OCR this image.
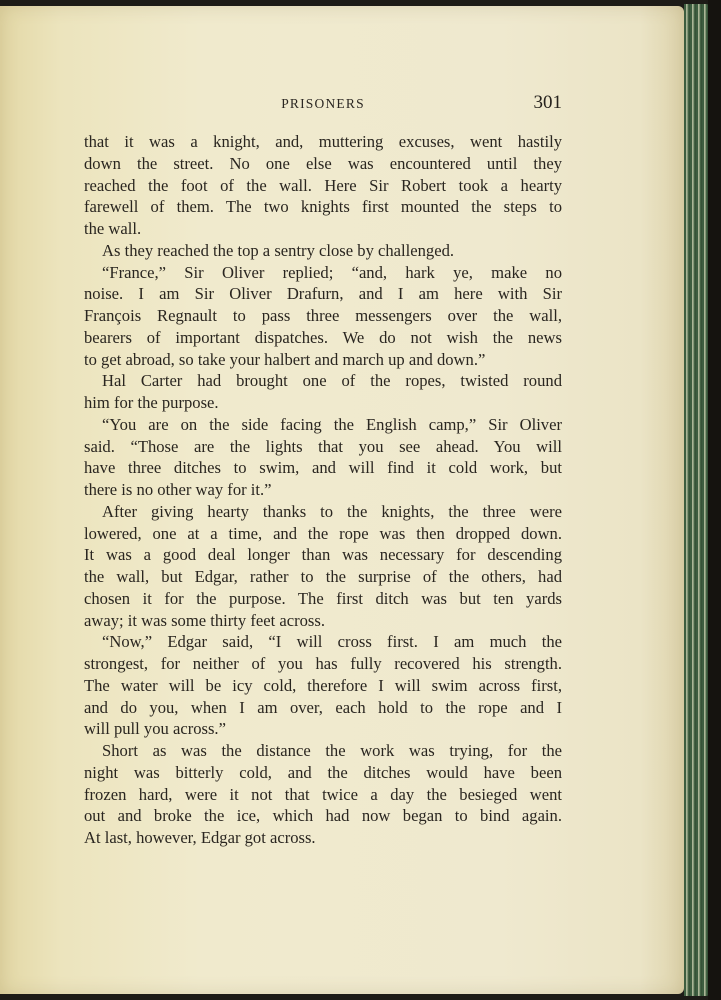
PRISONERS	301
that it was a knight, and, muttering excuses, went hastily
down the street. No one else was encountered until they
reached the foot of the wall. Here Sir Robert took a hearty
farewell of them. The two knights first mounted the steps to
the wall.
As they reached the top a sentry close by challenged.
“France,” Sir Oliver replied; “and, hark ye, make no
noise. I am Sir Oliver Drafurn, and I am here with Sir
François Regnault to pass three messengers over the wall,
bearers of important dispatches. We do not wish the news
to get abroad, so take your halbert and march up and down.”
Hal Carter had brought one of the ropes, twisted round
him for the purpose.
“You are on the side facing the English camp,” Sir Oliver
said. “Those are the lights that you see ahead. You will
have three ditches to swim, and will find it cold work, but
there is no other way for it.”
After giving hearty thanks to the knights, the three were
lowered, one at a time, and the rope was then dropped down.
It was a good deal longer than was necessary for descending
the wall, but Edgar, rather to the surprise of the others, had
chosen it for the purpose. The first ditch was but ten yards
away; it was some thirty feet across.
“Now,” Edgar said, “I will cross first. I am much the
strongest, for neither of you has fully recovered his strength.
The water will be icy cold, therefore I will swim across first,
and do you, when I am over, each hold to the rope and I
will pull you across.”
Short as was the distance the work was trying, for the
night was bitterly cold, and the ditches would have been
frozen hard, were it not that twice a day the besieged went
out and broke the ice, which had now began to bind again.
At last, however, Edgar got across.
